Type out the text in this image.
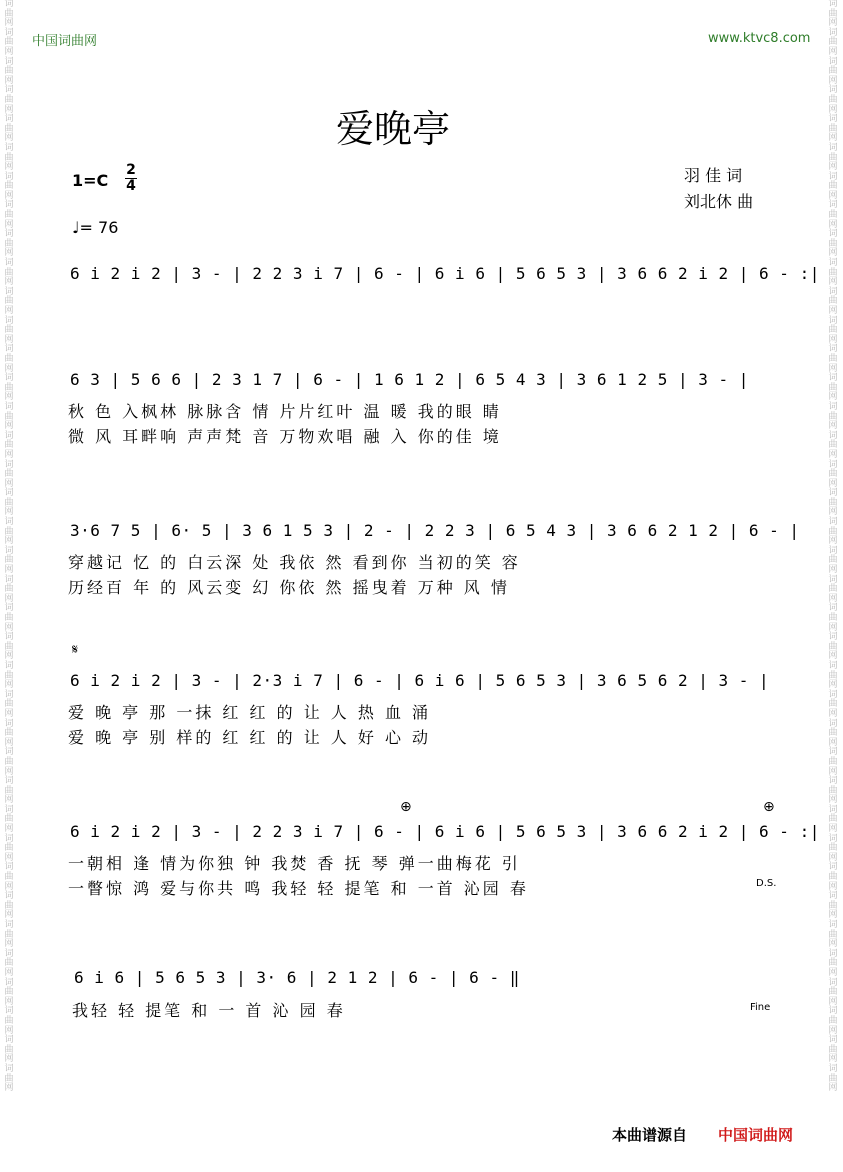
中国词曲网	www.ktvc8.com
词曲网词曲网词曲网词曲网词曲网词曲网词曲网词曲网词曲网词曲网词曲网词曲网词曲网词曲网词曲网词曲网词曲网词曲网词曲网词曲网词曲网词曲网词曲网词曲网词曲网词曲网词曲网词曲网词曲网词曲网词曲网词曲网词曲网词曲网词曲网词曲网词曲网词曲网
词曲网词曲网词曲网词曲网词曲网词曲网词曲网词曲网词曲网词曲网词曲网词曲网词曲网词曲网词曲网词曲网词曲网词曲网词曲网词曲网词曲网词曲网词曲网词曲网词曲网词曲网词曲网词曲网词曲网词曲网词曲网词曲网词曲网词曲网词曲网词曲网词曲网词曲网
爱晚亭
1=C
2
4
♩= 76
羽 佳 词
刘北休 曲
6 i 2 i 2 | 3 - | 2 2 3 i 7 | 6 - | 6 i 6 | 5 6 5 3 | 3 6 6 2 i 2 | 6 - :|
6 3 | 5 6 6 | 2 3 1 7 | 6 - | 1 6 1 2 | 6 5 4 3 | 3 6 1 2 5 | 3 - |
秋 色 入枫林 脉脉含 情 片片红叶 温 暖 我的眼 睛
微 风 耳畔响 声声梵 音 万物欢唱 融 入 你的佳 境
3·6 7 5 | 6· 5 | 3 6 1 5 3 | 2 - | 2 2 3 | 6 5 4 3 | 3 6 6 2 1 2 | 6 - |
穿越记 忆 的 白云深 处 我依 然 看到你 当初的笑 容
历经百 年 的 风云变 幻 你依 然 摇曳着 万种 风 情
𝄋
6 i 2 i 2 | 3 - | 2·3 i 7 | 6 - | 6 i 6 | 5 6 5 3 | 3 6 5 6 2 | 3 - |
爱 晚 亭 那 一抹 红 红 的 让 人 热 血 涌
爱 晚 亭 别 样的 红 红 的 让 人 好 心 动
⊕	⊕
6 i 2 i 2 | 3 - | 2 2 3 i 7 | 6 - | 6 i 6 | 5 6 5 3 | 3 6 6 2 i 2 | 6 - :|
一朝相 逢 情为你独 钟 我焚 香 抚 琴 弹一曲梅花 引
一瞥惊 鸿 爱与你共 鸣 我轻 轻 提笔 和 一首 沁园 春	D.S.
6 i 6 | 5 6 5 3 | 3· 6 | 2 1 2 | 6 - | 6 - ‖
我轻 轻 提笔 和 一 首 沁 园 春	Fine
本曲谱源自 中国词曲网
